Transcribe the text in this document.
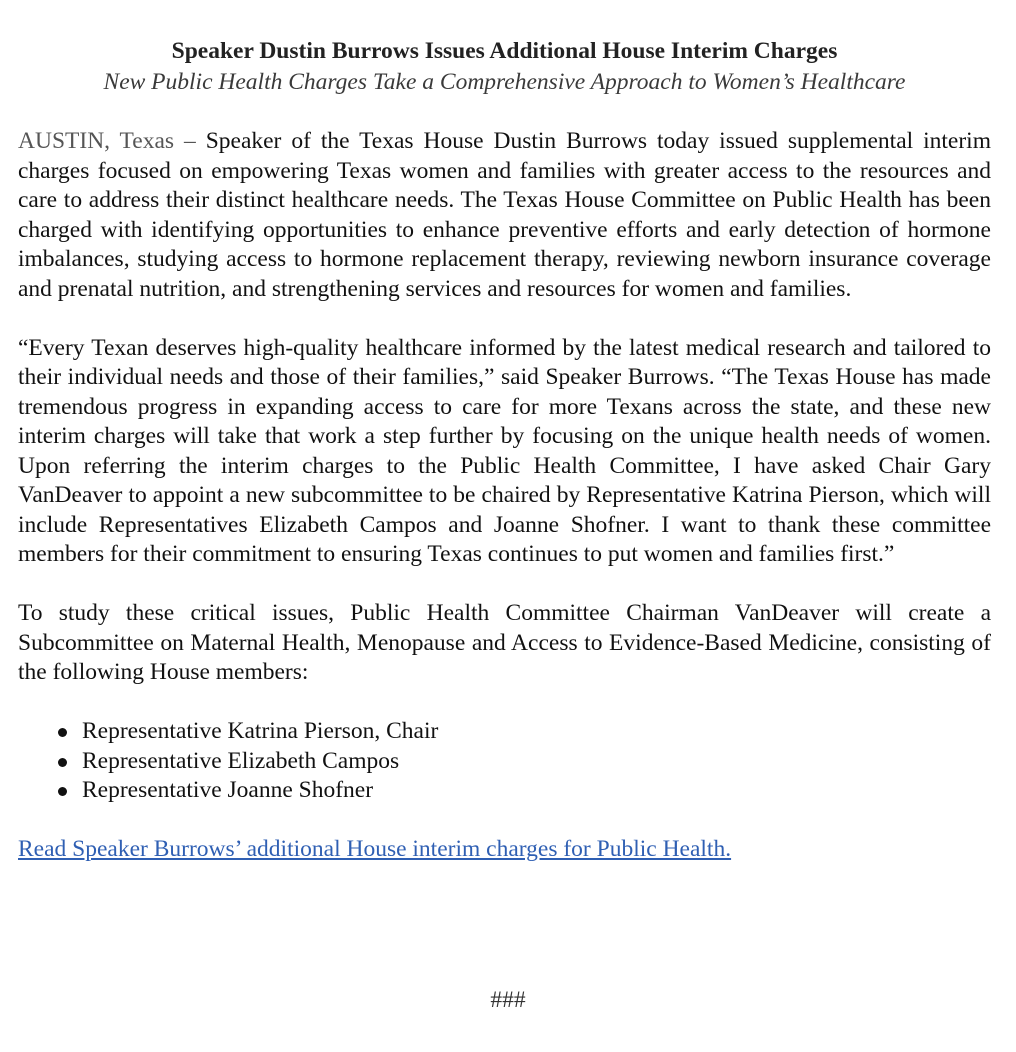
Speaker Dustin Burrows Issues Additional House Interim Charges
New Public Health Charges Take a Comprehensive Approach to Women’s Healthcare

AUSTIN, Texas – Speaker of the Texas House Dustin Burrows today issued supplemental interim charges focused on empowering Texas women and families with greater access to the resources and care to address their distinct healthcare needs. The Texas House Committee on Public Health has been charged with identifying opportunities to enhance preventive efforts and early detection of hormone imbalances, studying access to hormone replacement therapy, reviewing newborn insurance coverage and prenatal nutrition, and strengthening services and resources for women and families.

“Every Texan deserves high-quality healthcare informed by the latest medical research and tailored to their individual needs and those of their families,” said Speaker Burrows. “The Texas House has made tremendous progress in expanding access to care for more Texans across the state, and these new interim charges will take that work a step further by focusing on the unique health needs of women. Upon referring the interim charges to the Public Health Committee, I have asked Chair Gary VanDeaver to appoint a new subcommittee to be chaired by Representative Katrina Pierson, which will include Representatives Elizabeth Campos and Joanne Shofner. I want to thank these committee members for their commitment to ensuring Texas continues to put women and families first.”

To study these critical issues, Public Health Committee Chairman VanDeaver will create a Subcommittee on Maternal Health, Menopause and Access to Evidence-Based Medicine, consisting of the following House members:

Representative Katrina Pierson, Chair
Representative Elizabeth Campos
Representative Joanne Shofner
Read Speaker Burrows’ additional House interim charges for Public Health.
###
